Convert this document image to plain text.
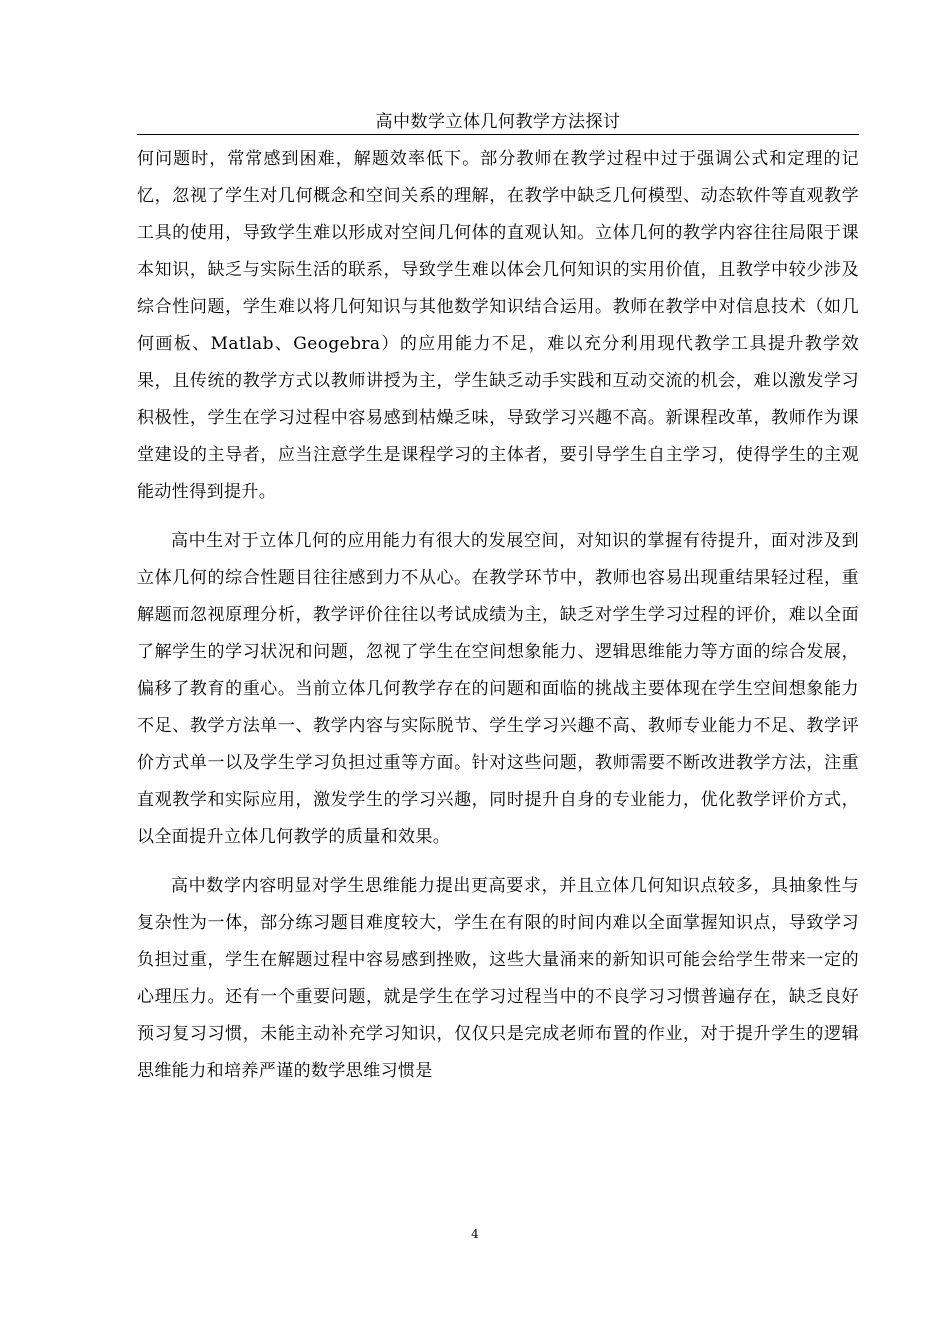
高中数学立体几何教学方法探讨

何问题时，常常感到困难，解题效率低下。部分教师在教学过程中过于强调公式和定理的记忆，忽视了学生对几何概念和空间关系的理解，在教学中缺乏几何模型、动态软件等直观教学工具的使用，导致学生难以形成对空间几何体的直观认知。立体几何的教学内容往往局限于课本知识，缺乏与实际生活的联系，导致学生难以体会几何知识的实用价值，且教学中较少涉及综合性问题，学生难以将几何知识与其他数学知识结合运用。教师在教学中对信息技术（如几何画板、Matlab、Geogebra）的应用能力不足，难以充分利用现代教学工具提升教学效果，且传统的教学方式以教师讲授为主，学生缺乏动手实践和互动交流的机会，难以激发学习积极性，学生在学习过程中容易感到枯燥乏味，导致学习兴趣不高。新课程改革，教师作为课堂建设的主导者，应当注意学生是课程学习的主体者，要引导学生自主学习，使得学生的主观能动性得到提升。

高中生对于立体几何的应用能力有很大的发展空间，对知识的掌握有待提升，面对涉及到立体几何的综合性题目往往感到力不从心。在教学环节中，教师也容易出现重结果轻过程，重解题而忽视原理分析，教学评价往往以考试成绩为主，缺乏对学生学习过程的评价，难以全面了解学生的学习状况和问题，忽视了学生在空间想象能力、逻辑思维能力等方面的综合发展，偏移了教育的重心。当前立体几何教学存在的问题和面临的挑战主要体现在学生空间想象能力不足、教学方法单一、教学内容与实际脱节、学生学习兴趣不高、教师专业能力不足、教学评价方式单一以及学生学习负担过重等方面。针对这些问题，教师需要不断改进教学方法，注重直观教学和实际应用，激发学生的学习兴趣，同时提升自身的专业能力，优化教学评价方式，以全面提升立体几何教学的质量和效果。

高中数学内容明显对学生思维能力提出更高要求，并且立体几何知识点较多，具抽象性与复杂性为一体，部分练习题目难度较大，学生在有限的时间内难以全面掌握知识点，导致学习负担过重，学生在解题过程中容易感到挫败，这些大量涌来的新知识可能会给学生带来一定的心理压力。还有一个重要问题，就是学生在学习过程当中的不良学习习惯普遍存在，缺乏良好预习复习习惯，未能主动补充学习知识，仅仅只是完成老师布置的作业，对于提升学生的逻辑思维能力和培养严谨的数学思维习惯是

4
